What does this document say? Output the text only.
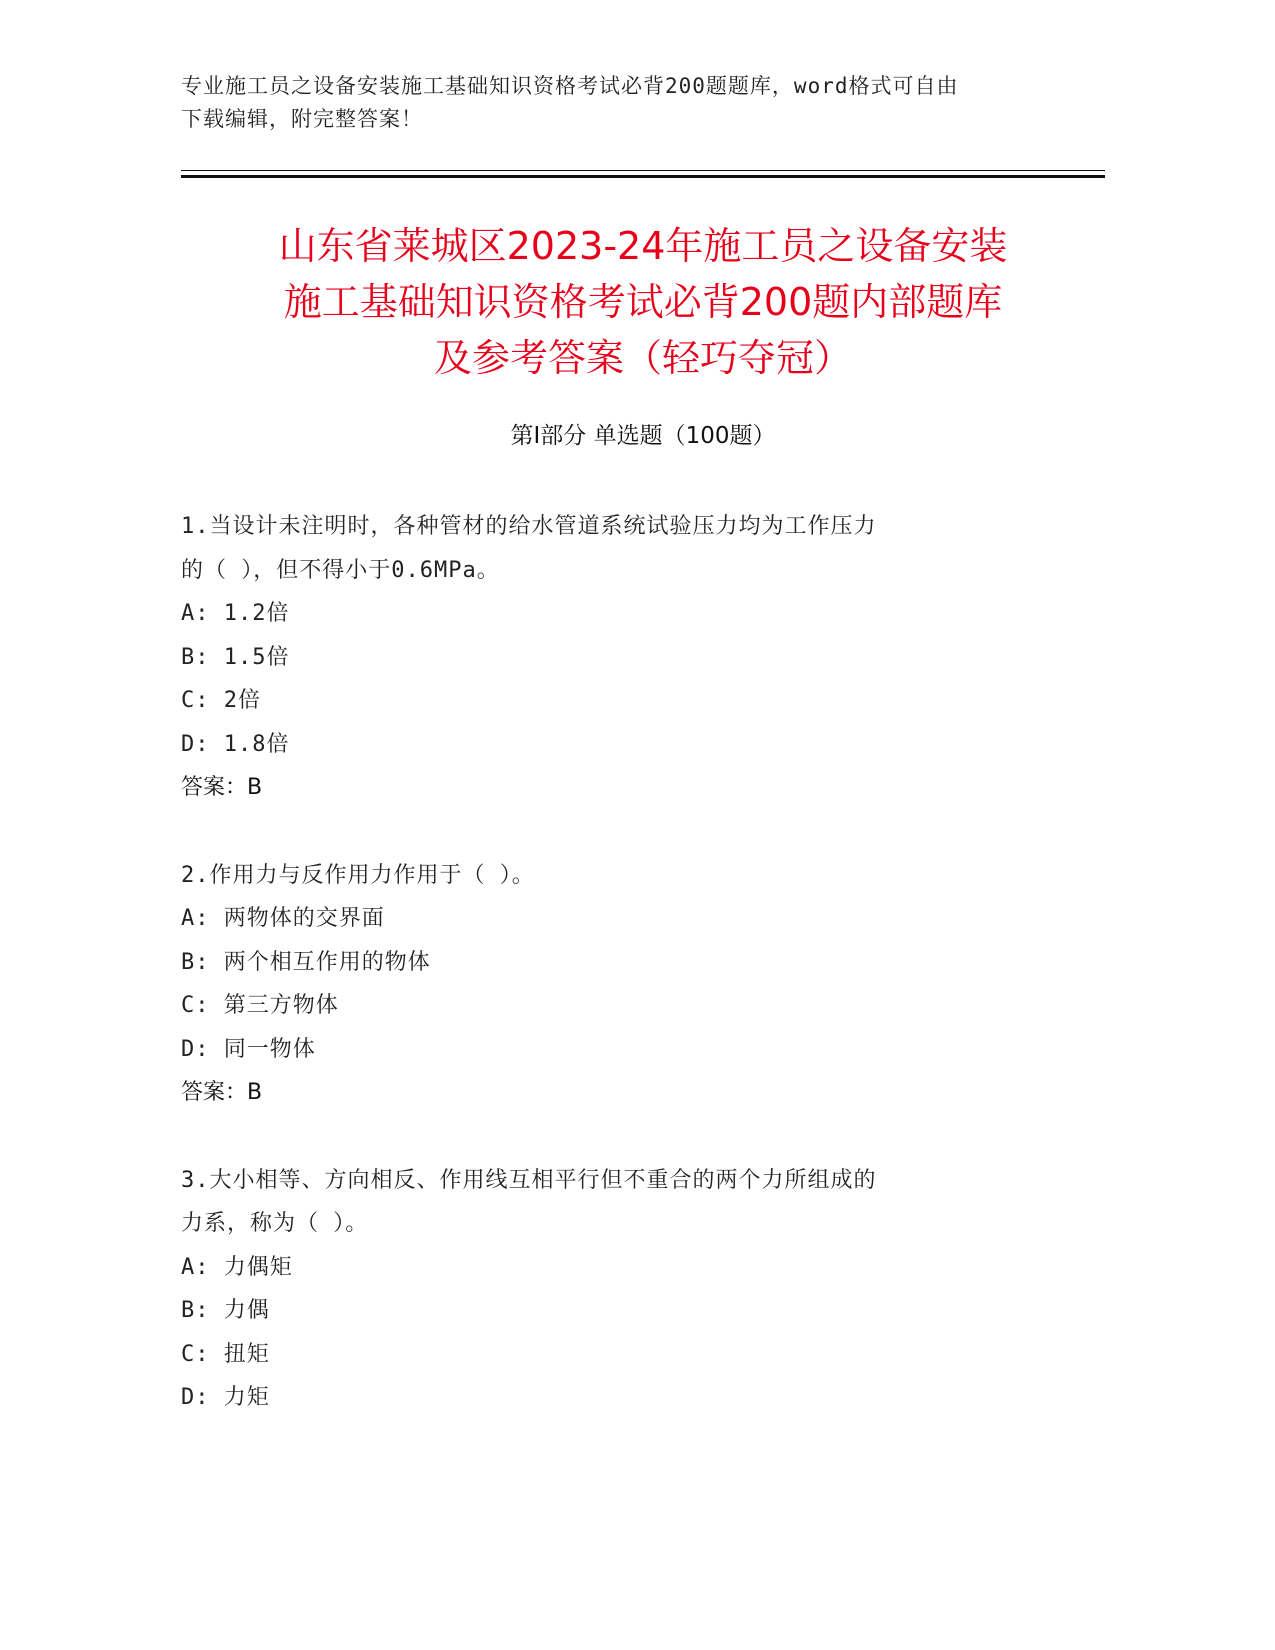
专业施工员之设备安装施工基础知识资格考试必背200题题库，word格式可自由
下载编辑，附完整答案！
山东省莱城区2023-24年施工员之设备安装
施工基础知识资格考试必背200题内部题库
及参考答案（轻巧夺冠）
第Ⅰ部分 单选题（100题）
1.当设计未注明时，各种管材的给水管道系统试验压力均为工作压力
的（ ），但不得小于0.6MPa。
A: 1.2倍
B: 1.5倍
C: 2倍
D: 1.8倍
答案：B
2.作用力与反作用力作用于（ ）。
A: 两物体的交界面
B: 两个相互作用的物体
C: 第三方物体
D: 同一物体
答案：B
3.大小相等、方向相反、作用线互相平行但不重合的两个力所组成的
力系，称为（ ）。
A: 力偶矩
B: 力偶
C: 扭矩
D: 力矩
